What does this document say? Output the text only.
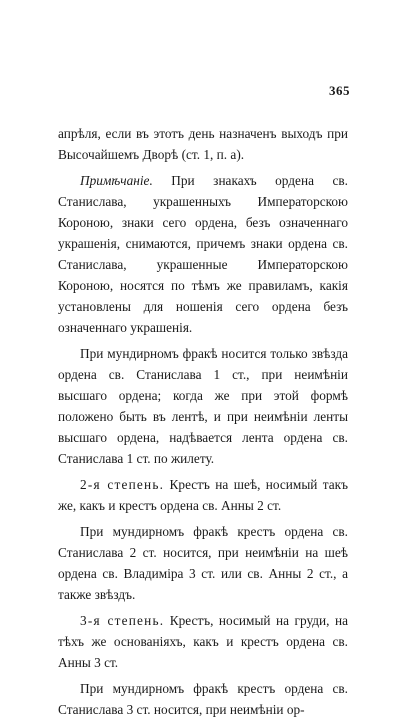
365

апрѣля, если въ этотъ день назначенъ выходъ при Высочайшемъ Дворѣ (ст. 1, п. а).

Примѣчаніе. При знакахъ ордена св. Станислава, украшенныхъ Императорскою Короною, знаки сего ордена, безъ означеннаго украшенія, снимаются, причемъ знаки ордена св. Станислава, украшенные Императорскою Короною, носятся по тѣмъ же правиламъ, какія установлены для ношенія сего ордена безъ означеннаго украшенія.

При мундирномъ фракѣ носится только звѣзда ордена св. Станислава 1 ст., при неимѣніи высшаго ордена; когда же при этой формѣ положено быть въ лентѣ, и при неимѣніи ленты высшаго ордена, надѣвается лента ордена св. Станислава 1 ст. по жилету.

2-я степень. Крестъ на шеѣ, носимый такъ же, какъ и крестъ ордена св. Анны 2 ст.

При мундирномъ фракѣ крестъ ордена св. Станислава 2 ст. носится, при неимѣніи на шеѣ ордена св. Владиміра 3 ст. или св. Анны 2 ст., а также звѣздъ.

3-я степень. Крестъ, носимый на груди, на тѣхъ же основаніяхъ, какъ и крестъ ордена св. Анны 3 ст.

При мундирномъ фракѣ крестъ ордена св. Станислава 3 ст. носится, при неимѣніи ор-
